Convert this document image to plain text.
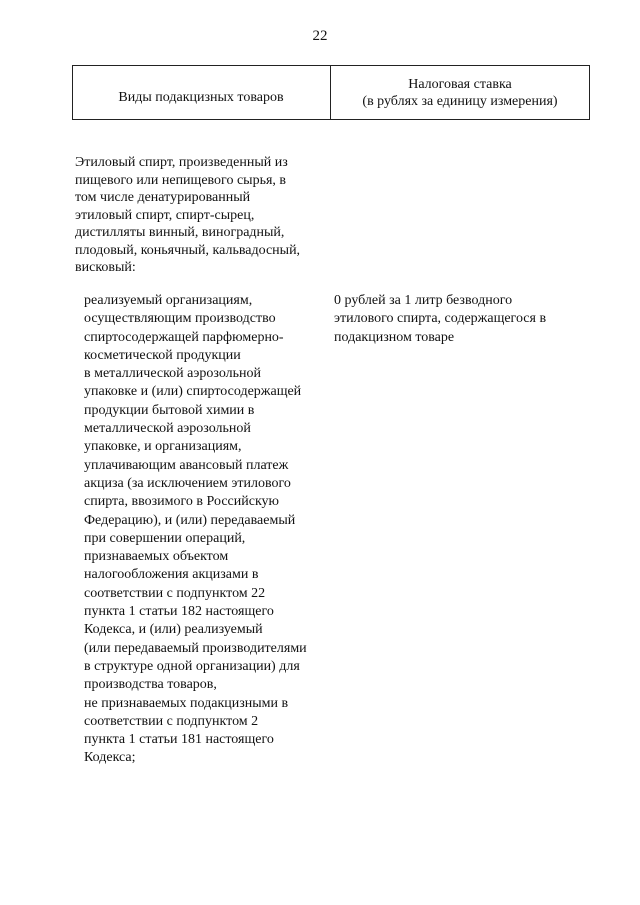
22
Виды подакцизных товаров
Налоговая ставка
(в рублях за единицу измерения)
Этиловый спирт, произведенный из
пищевого или непищевого сырья, в
том числе денатурированный
этиловый спирт, спирт-сырец,
дистилляты винный, виноградный,
плодовый, коньячный, кальвадосный,
висковый:
реализуемый организациям,
осуществляющим производство
спиртосодержащей парфюмерно-
косметической продукции
в металлической аэрозольной
упаковке и (или) спиртосодержащей
продукции бытовой химии в
металлической аэрозольной
упаковке, и организациям,
уплачивающим авансовый платеж
акциза (за исключением этилового
спирта, ввозимого в Российскую
Федерацию), и (или) передаваемый
при совершении операций,
признаваемых объектом
налогообложения акцизами в
соответствии с подпунктом 22
пункта 1 статьи 182 настоящего
Кодекса, и (или) реализуемый
(или передаваемый производителями
в структуре одной организации) для
производства товаров,
не признаваемых подакцизными в
соответствии с подпунктом 2
пункта 1 статьи 181 настоящего
Кодекса;
0 рублей за 1 литр безводного
этилового спирта, содержащегося в
подакцизном товаре
